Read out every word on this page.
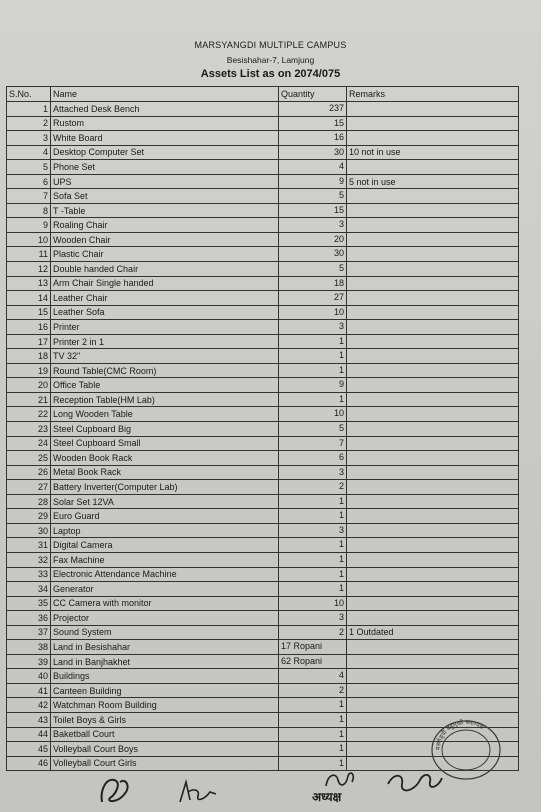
MARSYANGDI MULTIPLE CAMPUS
Besishahar-7, Lamjung
Assets List as on 2074/075
S.No.	Name	Quantity	Remarks
1	Attached Desk Bench	237	
2	Rustom	15	
3	White Board	16	
4	Desktop Computer Set	30	10 not in use
5	Phone Set	4	
6	UPS	9	5 not in use
7	Sofa Set	5	
8	T -Table	15	
9	Roaling Chair	3	
10	Wooden Chair	20	
11	Plastic Chair	30	
12	Double handed Chair	5	
13	Arm Chair Single handed	18	
14	Leather Chair	27	
15	Leather Sofa	10	
16	Printer	3	
17	Printer 2 in 1	1	
18	TV 32"	1	
19	Round Table(CMC Room)	1	
20	Office Table	9	
21	Reception Table(HM Lab)	1	
22	Long Wooden Table	10	
23	Steel Cupboard Big	5	
24	Steel Cupboard Small	7	
25	Wooden Book Rack	6	
26	Metal Book Rack	3	
27	Battery Inverter(Computer Lab)	2	
28	Solar Set 12VA	1	
29	Euro Guard	1	
30	Laptop	3	
31	Digital Camera	1	
32	Fax Machine	1	
33	Electronic Attendance Machine	1	
34	Generator	1	
35	CC Camera with monitor	10	
36	Projector	3	
37	Sound System	2	1 Outdated
38	Land in Besishahar	17 Ropani	
39	Land in Banjhakhet	62 Ropani	
40	Buildings	4	
41	Canteen Building	2	
42	Watchman Room Building	1	
43	Toilet Boys & Girls	1	
44	Baketball Court	1	
45	Volleyball Court Boys	1	
46	Volleyball Court Girls	1	
अध्यक्ष
मर्स्याङ्दी बहुमुखी क्याम्पस
